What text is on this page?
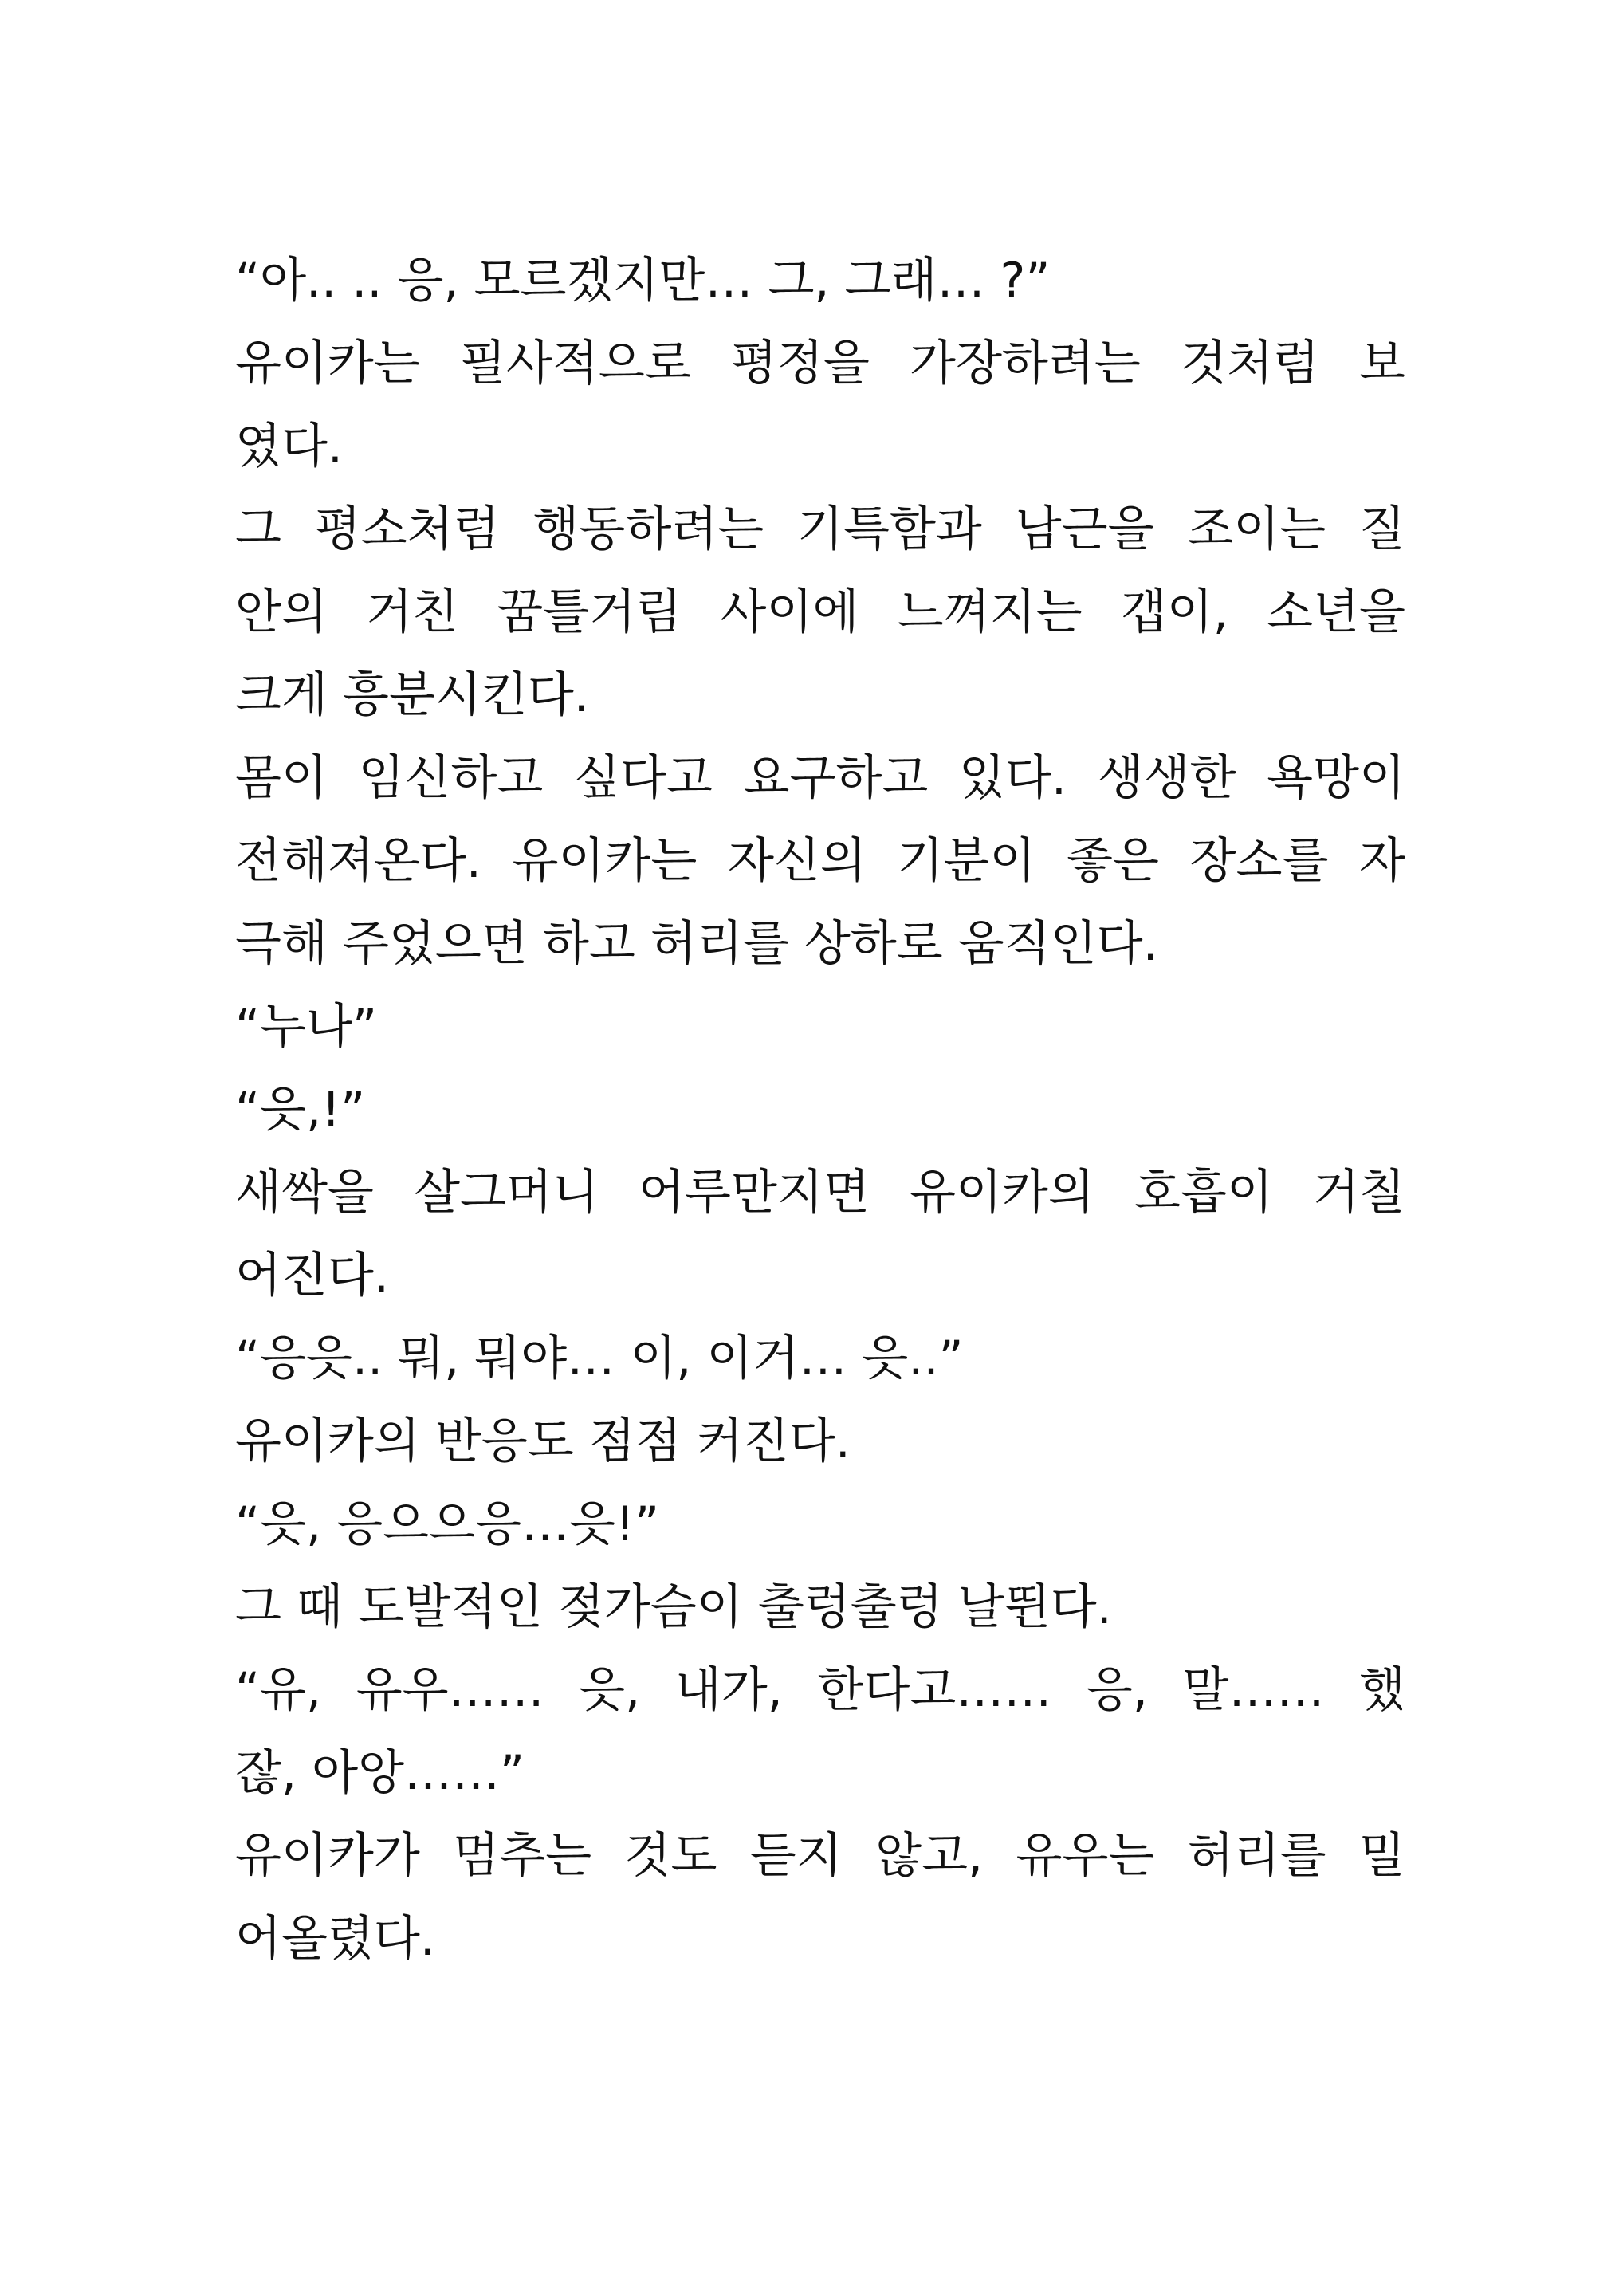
“아.. .. 응, 모르겠지만… 그, 그래… ?”
유이카는 필사적으로 평정을 가장하려는 것처럼 보
였다.
그 평소처럼 행동하려는 기특함과 남근을 조이는 질
안의 거친 꿈틀거림 사이에 느껴지는 갭이, 소년을
크게 흥분시킨다.
몸이 임신하고 싶다고 요구하고 있다. 생생한 욕망이
전해져온다. 유이카는 자신의 기분이 좋은 장소를 자
극해 주었으면 하고 허리를 상하로 움직인다.
“누나”
“읏,!”
새싹을 살그머니 어루만지면 유이카의 호흡이 거칠
어진다.
“응읏.. 뭐, 뭐야… 이, 이거… 읏..”
유이카의 반응도 점점 커진다.
“읏, 응으으응…읏!”
그 때 도발적인 젖가슴이 출렁출렁 날뛴다.
“유, 유우…… 읏, 내가, 한다고…… 응, 말…… 했
잖, 아앙……”
유이카가 멈추는 것도 듣지 않고, 유우는 허리를 밀
어올렸다.
